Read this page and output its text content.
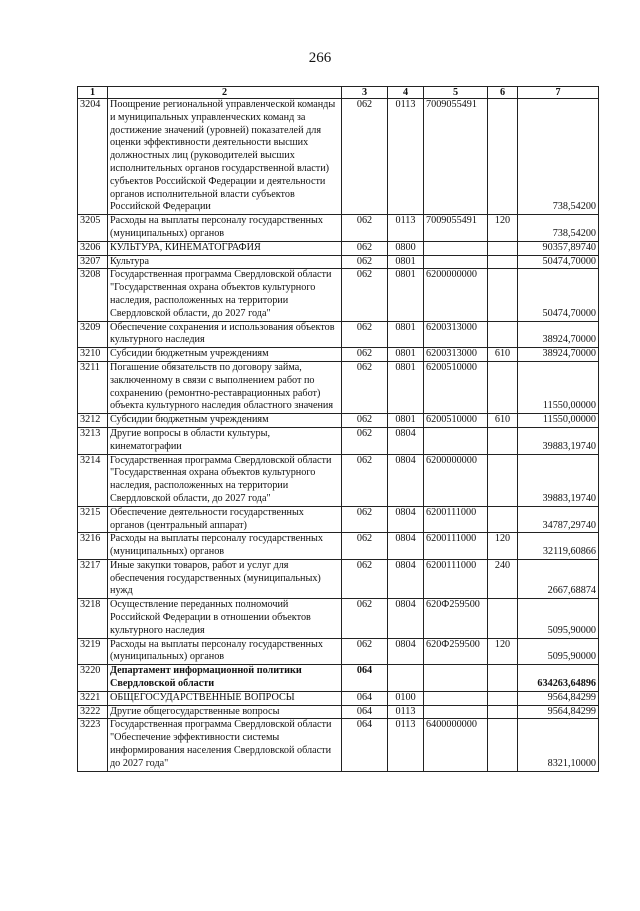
266
1	2	3	4	5	6	7
3204	Поощрение региональной управленческой команды и муниципальных управленческих команд за достижение значений (уровней) показателей для оценки эффективности деятельности высших должностных лиц (руководителей высших исполнительных органов государственной власти) субъектов Российской Федерации и деятельности органов исполнительной власти субъектов Российской Федерации	062	0113	7009055491		738,54200
3205	Расходы на выплаты персоналу государственных (муниципальных) органов	062	0113	7009055491	120	738,54200
3206	КУЛЬТУРА, КИНЕМАТОГРАФИЯ	062	0800			90357,89740
3207	Культура	062	0801			50474,70000
3208	Государственная программа Свердловской области "Государственная охрана объектов культурного наследия, расположенных на территории Свердловской области, до 2027 года"	062	0801	6200000000		50474,70000
3209	Обеспечение сохранения и использования объектов культурного наследия	062	0801	6200313000		38924,70000
3210	Субсидии бюджетным учреждениям	062	0801	6200313000	610	38924,70000
3211	Погашение обязательств по договору займа, заключенному в связи с выполнением работ по сохранению (ремонтно-реставрационных работ) объекта культурного наследия областного значения	062	0801	6200510000		11550,00000
3212	Субсидии бюджетным учреждениям	062	0801	6200510000	610	11550,00000
3213	Другие вопросы в области культуры, кинематографии	062	0804			39883,19740
3214	Государственная программа Свердловской области "Государственная охрана объектов культурного наследия, расположенных на территории Свердловской области, до 2027 года"	062	0804	6200000000		39883,19740
3215	Обеспечение деятельности государственных органов (центральный аппарат)	062	0804	6200111000		34787,29740
3216	Расходы на выплаты персоналу государственных (муниципальных) органов	062	0804	6200111000	120	32119,60866
3217	Иные закупки товаров, работ и услуг для обеспечения государственных (муниципальных) нужд	062	0804	6200111000	240	2667,68874
3218	Осуществление переданных полномочий Российской Федерации в отношении объектов культурного наследия	062	0804	620Ф259500		5095,90000
3219	Расходы на выплаты персоналу государственных (муниципальных) органов	062	0804	620Ф259500	120	5095,90000
3220	Департамент информационной политики Свердловской области	064				634263,64896
3221	ОБЩЕГОСУДАРСТВЕННЫЕ ВОПРОСЫ	064	0100			9564,84299
3222	Другие общегосударственные вопросы	064	0113			9564,84299
3223	Государственная программа Свердловской области "Обеспечение эффективности системы информирования населения Свердловской области до 2027 года"	064	0113	6400000000		8321,10000
